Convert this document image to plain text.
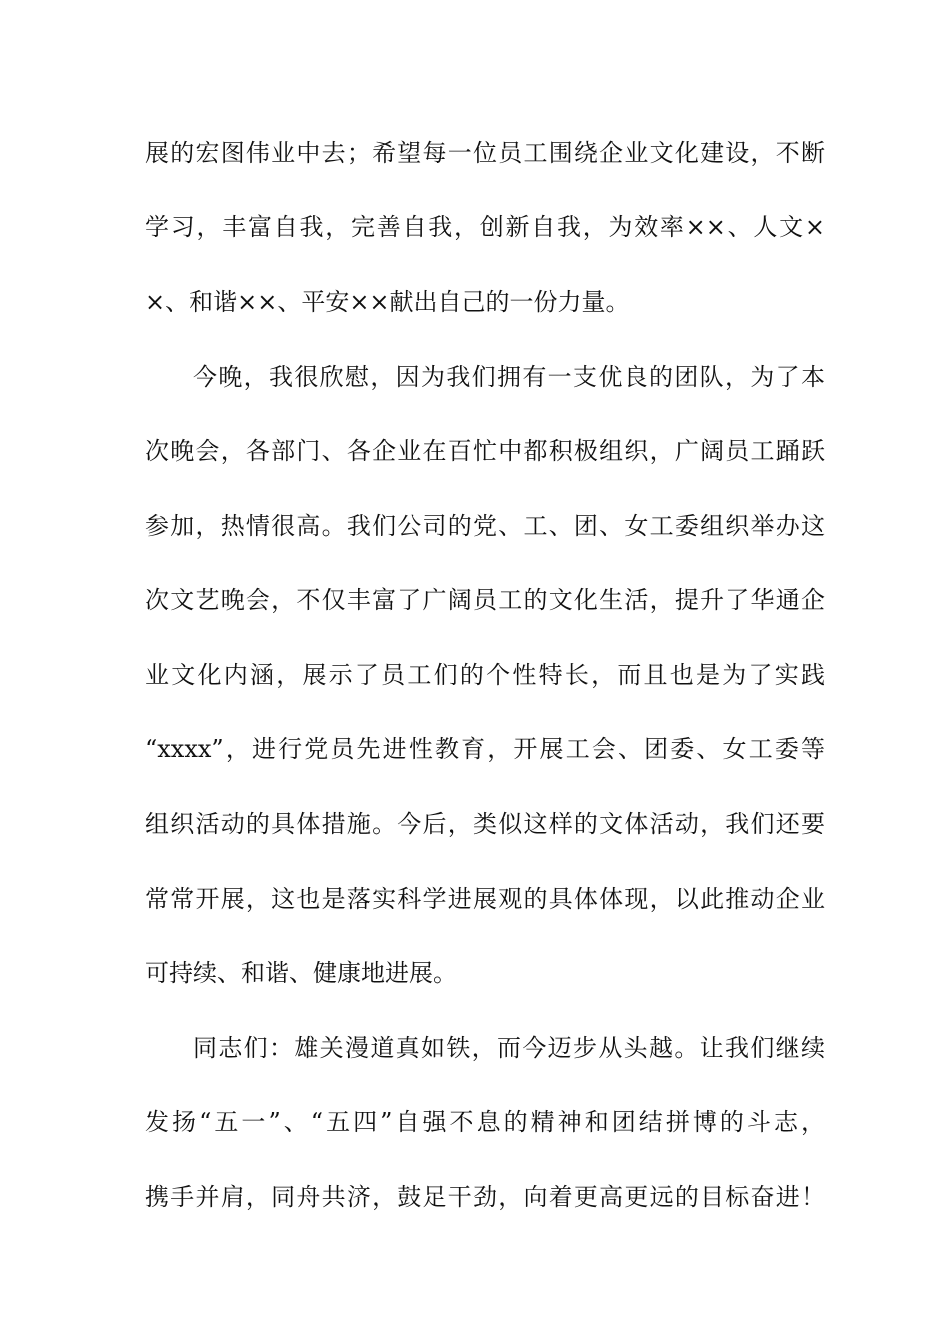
展的宏图伟业中去；希望每一位员工围绕企业文化建设，不断
学习，丰富自我，完善自我，创新自我，为效率××、人文×
×、和谐××、平安××献出自己的一份力量。
今晚，我很欣慰，因为我们拥有一支优良的团队，为了本
次晚会，各部门、各企业在百忙中都积极组织，广阔员工踊跃
参加，热情很高。我们公司的党、工、团、女工委组织举办这
次文艺晚会，不仅丰富了广阔员工的文化生活，提升了华通企
业文化内涵，展示了员工们的个性特长，而且也是为了实践
“xxxx”，进行党员先进性教育，开展工会、团委、女工委等
组织活动的具体措施。今后，类似这样的文体活动，我们还要
常常开展，这也是落实科学进展观的具体体现，以此推动企业
可持续、和谐、健康地进展。
同志们：雄关漫道真如铁，而今迈步从头越。让我们继续
发扬“五一”、“五四”自强不息的精神和团结拼博的斗志，
携手并肩，同舟共济，鼓足干劲，向着更高更远的目标奋进！
